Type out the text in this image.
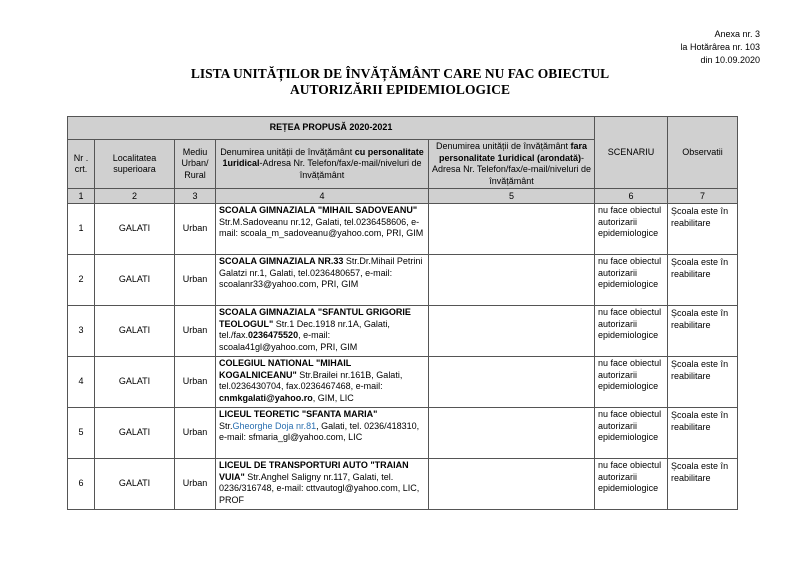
Anexa nr. 3
la Hotărârea nr. 103
din 10.09.2020
LISTA UNITĂȚILOR DE ÎNVĂȚĂMÂNT CARE NU FAC OBIECTUL
AUTORIZĂRII EPIDEMIOLOGICE
REȚEA PROPUSĂ 2020-2021					SCENARIU	Observatii
Nr . crt.	Localitatea superioara	Mediu Urban/ Rural	Denumirea unității de învățământ cu personalitate 1uridical-Adresa Nr. Telefon/fax/e-mail/niveluri de învățământ	Denumirea unității de învățământ fara personalitate 1uridical (arondată)-Adresa Nr. Telefon/fax/e-mail/niveluri de învățământ		
1	2	3	4	5	6	7
1	GALATI	Urban	SCOALA GIMNAZIALA "MIHAIL SADOVEANU" Str.M.Sadoveanu nr.12, Galati, tel.0236458606, e-mail: scoala_m_sadoveanu@yahoo.com, PRI, GIM		nu face obiectul autorizarii epidemiologice	Școala este în reabilitare
2	GALATI	Urban	SCOALA GIMNAZIALA NR.33 Str.Dr.Mihail Petrini Galatzi nr.1, Galati, tel.0236480657, e-mail: scoalanr33@yahoo.com, PRI, GIM		nu face obiectul autorizarii epidemiologice	Școala este în reabilitare
3	GALATI	Urban	SCOALA GIMNAZIALA "SFANTUL GRIGORIE TEOLOGUL" Str.1 Dec.1918 nr.1A, Galati, tel./fax.0236475520, e-mail: scoala41gl@yahoo.com, PRI, GIM		nu face obiectul autorizarii epidemiologice	Școala este în reabilitare
4	GALATI	Urban	COLEGIUL NATIONAL "MIHAIL KOGALNICEANU" Str.Brailei nr.161B, Galati, tel.0236430704, fax.0236467468, e-mail: cnmkgalati@yahoo.ro, GIM, LIC		nu face obiectul autorizarii epidemiologice	Școala este în reabilitare
5	GALATI	Urban	LICEUL TEORETIC "SFANTA MARIA"
Str.Gheorghe Doja nr.81, Galati, tel. 0236/418310, e-mail: sfmaria_gl@yahoo.com, LIC		nu face obiectul autorizarii epidemiologice	Școala este în reabilitare
6	GALATI	Urban	LICEUL DE TRANSPORTURI AUTO "TRAIAN VUIA" Str.Anghel Saligny nr.117, Galati, tel. 0236/316748, e-mail: cttvautogl@yahoo.com, LIC, PROF		nu face obiectul autorizarii epidemiologice	Școala este în reabilitare
